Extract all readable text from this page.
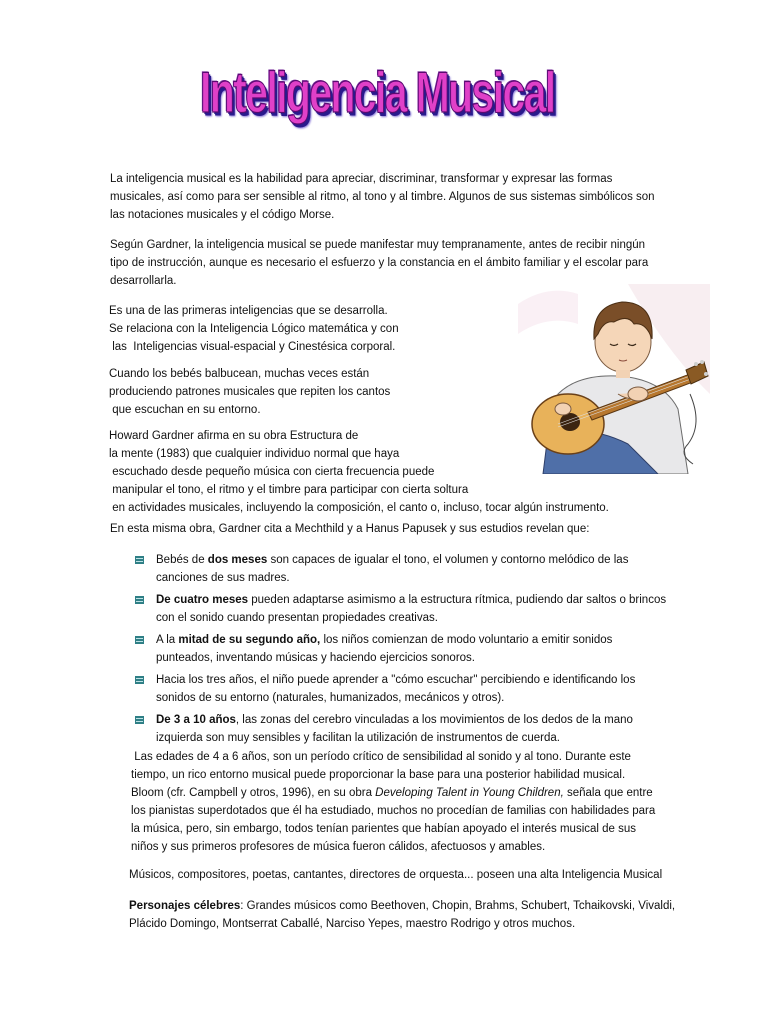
Inteligencia Musical
La inteligencia musical es la habilidad para apreciar, discriminar, transformar y expresar las formas
musicales, así como para ser sensible al ritmo, al tono y al timbre. Algunos de sus sistemas simbólicos son
las notaciones musicales y el código Morse.
Según Gardner, la inteligencia musical se puede manifestar muy tempranamente, antes de recibir ningún
tipo de instrucción, aunque es necesario el esfuerzo y la constancia en el ámbito familiar y el escolar para
desarrollarla.
Es una de las primeras inteligencias que se desarrolla.
Se relaciona con la Inteligencia Lógico matemática y con
las  Inteligencias visual-espacial y Cinestésica corporal.
Cuando los bebés balbucean, muchas veces están
produciendo patrones musicales que repiten los cantos
que escuchan en su entorno.
Howard Gardner afirma en su obra Estructura de
la mente (1983) que cualquier individuo normal que haya
escuchado desde pequeño música con cierta frecuencia puede
manipular el tono, el ritmo y el timbre para participar con cierta soltura
en actividades musicales, incluyendo la composición, el canto o, incluso, tocar algún instrumento.
En esta misma obra, Gardner cita a Mechthild y a Hanus Papusek y sus estudios revelan que:
Bebés de dos meses son capaces de igualar el tono, el volumen y contorno melódico de las
canciones de sus madres.
De cuatro meses pueden adaptarse asimismo a la estructura rítmica, pudiendo dar saltos o brincos
con el sonido cuando presentan propiedades creativas.
A la mitad de su segundo año, los niños comienzan de modo voluntario a emitir sonidos
punteados, inventando músicas y haciendo ejercicios sonoros.
Hacia los tres años, el niño puede aprender a "cómo escuchar" percibiendo e identificando los
sonidos de su entorno (naturales, humanizados, mecánicos y otros).
De 3 a 10 años, las zonas del cerebro vinculadas a los movimientos de los dedos de la mano
izquierda son muy sensibles y facilitan la utilización de instrumentos de cuerda.
Las edades de 4 a 6 años, son un período crítico de sensibilidad al sonido y al tono. Durante este
tiempo, un rico entorno musical puede proporcionar la base para una posterior habilidad musical.
Bloom (cfr. Campbell y otros, 1996), en su obra Developing Talent in Young Children, señala que entre
los pianistas superdotados que él ha estudiado, muchos no procedían de familias con habilidades para
la música, pero, sin embargo, todos tenían parientes que habían apoyado el interés musical de sus
niños y sus primeros profesores de música fueron cálidos, afectuosos y amables.
Músicos, compositores, poetas, cantantes, directores de orquesta... poseen una alta Inteligencia Musical
Personajes célebres: Grandes músicos como Beethoven, Chopin, Brahms, Schubert, Tchaikovski, Vivaldi,
Plácido Domingo, Montserrat Caballé, Narciso Yepes, maestro Rodrigo y otros muchos.
